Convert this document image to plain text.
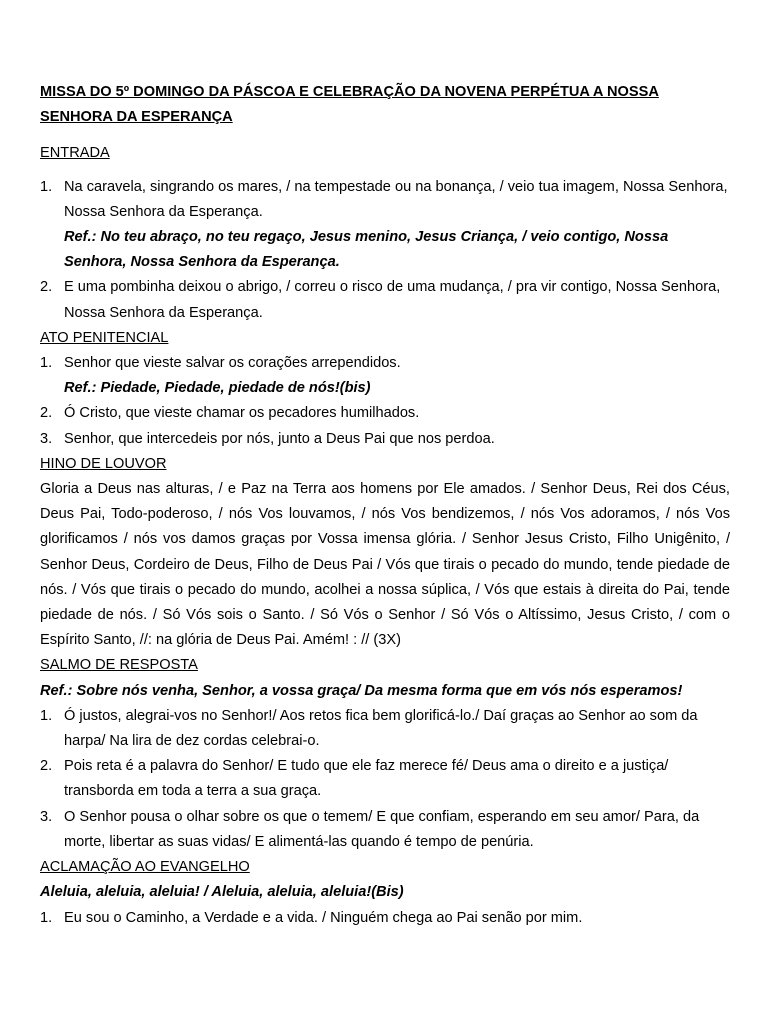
MISSA DO 5º DOMINGO DA PÁSCOA E CELEBRAÇÃO DA NOVENA PERPÉTUA A NOSSA SENHORA DA ESPERANÇA

ENTRADA

1. Na caravela, singrando os mares, / na tempestade ou na bonança, / veio tua imagem, Nossa Senhora, Nossa Senhora da Esperança.

Ref.: No teu abraço, no teu regaço, Jesus menino, Jesus Criança, / veio contigo, Nossa Senhora, Nossa Senhora da Esperança.

2. E uma pombinha deixou o abrigo, / correu o risco de uma mudança, / pra vir contigo, Nossa Senhora, Nossa Senhora da Esperança.

ATO PENITENCIAL

1. Senhor que vieste salvar os corações arrependidos.

Ref.: Piedade, Piedade, piedade de nós!(bis)

2. Ó Cristo, que vieste chamar os pecadores humilhados.
3. Senhor, que intercedeis por nós, junto a Deus Pai que nos perdoa.

HINO DE LOUVOR

Gloria a Deus nas alturas, / e Paz na Terra aos homens por Ele amados. / Senhor Deus, Rei dos Céus, Deus Pai, Todo-poderoso, / nós Vos louvamos, / nós Vos bendizemos, / nós Vos adoramos, / nós Vos glorificamos / nós vos damos graças por Vossa imensa glória. / Senhor Jesus Cristo, Filho Unigênito, / Senhor Deus, Cordeiro de Deus, Filho de Deus Pai / Vós que tirais o pecado do mundo, tende piedade de nós. / Vós que tirais o pecado do mundo, acolhei a nossa súplica, / Vós que estais à direita do Pai, tende piedade de nós. / Só Vós sois o Santo. / Só Vós o Senhor / Só Vós o Altíssimo, Jesus Cristo, / com o Espírito Santo, //: na glória de Deus Pai. Amém! : // (3X)

SALMO DE RESPOSTA

Ref.: Sobre nós venha, Senhor, a vossa graça/ Da mesma forma que em vós nós esperamos!

1. Ó justos, alegrai-vos no Senhor!/ Aos retos fica bem glorificá-lo./ Daí graças ao Senhor ao som da harpa/ Na lira de dez cordas celebrai-o.
2. Pois reta é a palavra do Senhor/ E tudo que ele faz merece fé/ Deus ama o direito e a justiça/ transborda em toda a terra a sua graça.
3. O Senhor pousa o olhar sobre os que o temem/ E que confiam, esperando em seu amor/ Para, da morte, libertar as suas vidas/ E alimentá-las quando é tempo de penúria.

ACLAMAÇÃO AO EVANGELHO

Aleluia, aleluia, aleluia! / Aleluia, aleluia, aleluia!(Bis)

1. Eu sou o Caminho, a Verdade e a vida. / Ninguém chega ao Pai senão por mim.
